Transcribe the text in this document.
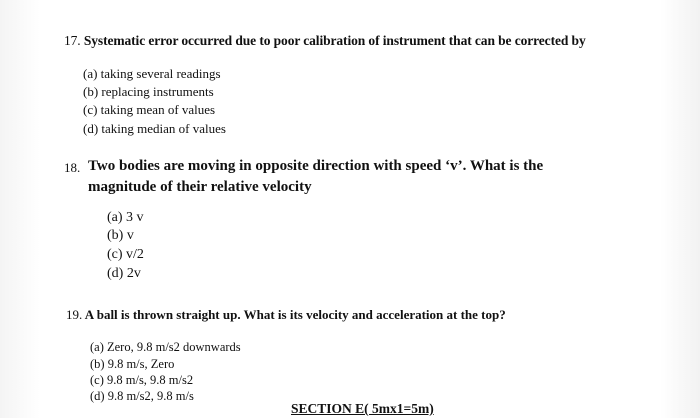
17. Systematic error occurred due to poor calibration of instrument that can be corrected by
(a) taking several readings
(b) replacing instruments
(c) taking mean of values
(d) taking median of values
18. Two bodies are moving in opposite direction with speed ‘v’. What is the
magnitude of their relative velocity
(a) 3 v
(b) v
(c) v/2
(d) 2v
19. A ball is thrown straight up. What is its velocity and acceleration at the top?
(a) Zero, 9.8 m/s2 downwards
(b) 9.8 m/s, Zero
(c) 9.8 m/s, 9.8 m/s2
(d) 9.8 m/s2, 9.8 m/s
SECTION E( 5mx1=5m)
